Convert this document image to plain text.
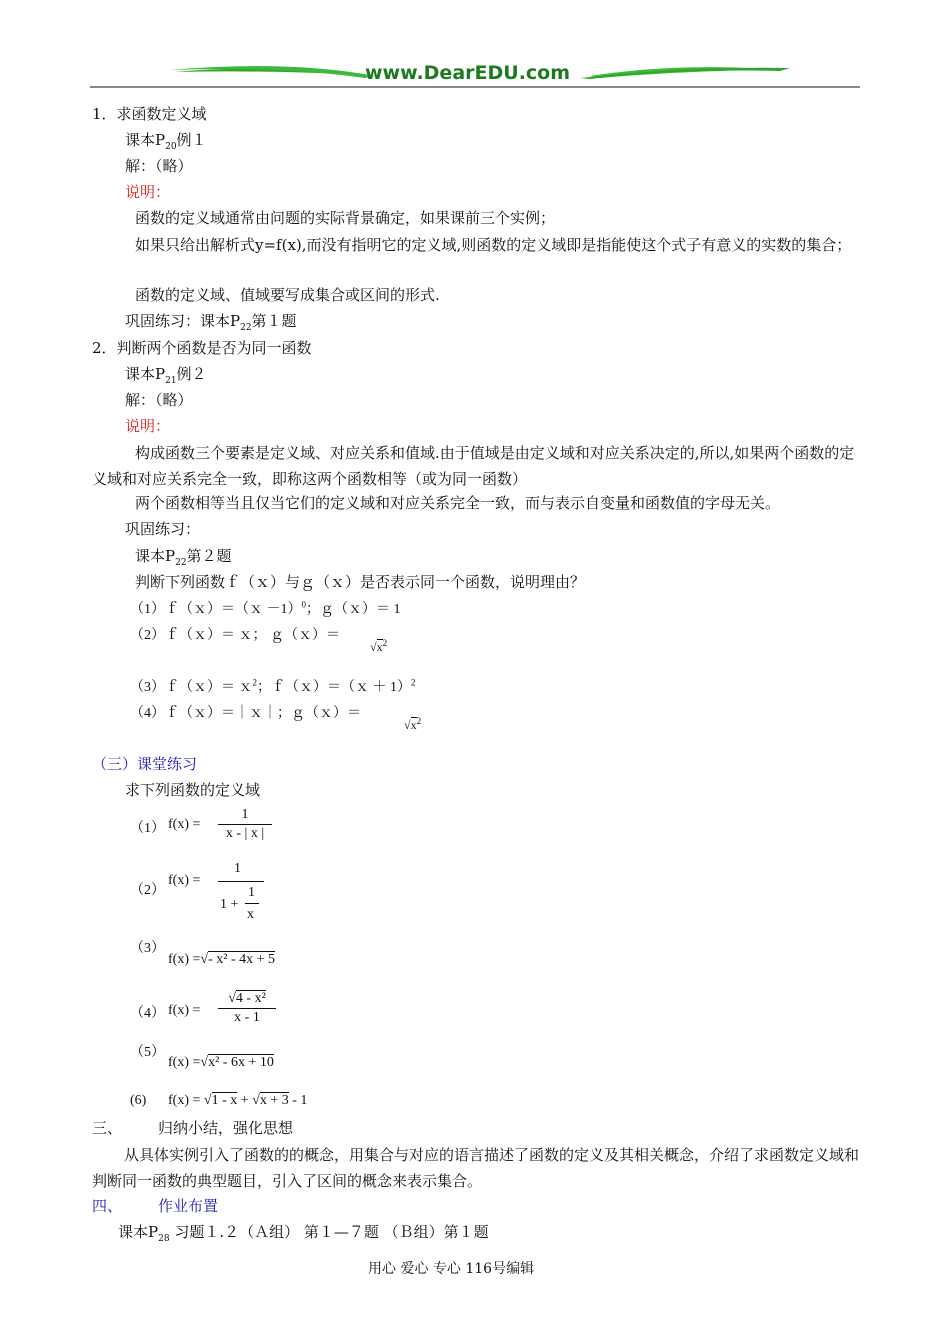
www.DearEDU.com
1．求函数定义域
课本$P_{20}$例１
解：（略）
说明：
函数的定义域通常由问题的实际背景确定，如果课前三个实例；
如果只给出解析式y=f(x),而没有指明它的定义域,则函数的定义域即是指能使这个式子有意义的实数的集合；
函数的定义域、值域要写成集合或区间的形式.
巩固练习：课本$P_{22}$第１题
2．判断两个函数是否为同一函数
课本$P_{21}$例２
解：（略）
说明：
构成函数三个要素是定义域、对应关系和值域.由于值域是由定义域和对应关系决定的,所以,如果两个函数的定义域和对应关系完全一致，即称这两个函数相等（或为同一函数）
两个函数相等当且仅当它们的定义域和对应关系完全一致，而与表示自变量和函数值的字母无关。
巩固练习：
课本$P_{22}$第２题
判断下列函数ｆ（ｘ）与ｇ（ｘ）是否表示同一个函数，说明理由？
（1）ｆ（ｘ）＝（ｘ －1）$^0$；ｇ（ｘ）＝ 1
（2）ｆ（ｘ）＝ ｘ； ｇ（ｘ）＝
$√x^2$
（3）ｆ（ｘ）＝ ｘ$^2$；ｆ（ｘ）＝（ｘ ＋ 1）$^2$
（4）ｆ（ｘ）＝｜ｘ｜；ｇ（ｘ）＝
$√x^2$
（三）课堂练习
求下列函数的定义域
（1） f(x) =
1
x - | x |
（2）
f(x) =
1
1 +
1
x
（3）
f(x) =√- x² - 4x + 5
（4） f(x) =
√4 - x²
x - 1
（5）
f(x) =√x² - 6x + 10
(6) f(x) = √1 - x + √x + 3 - 1
三、 归纳小结，强化思想
从具体实例引入了函数的的概念，用集合与对应的语言描述了函数的定义及其相关概念，介绍了求函数定义域和判断同一函数的典型题目，引入了区间的概念来表示集合。
四、 作业布置
课本$P_{28}$ 习题１.２（Ａ组） 第１—７题 （Ｂ组）第１题
用心 爱心 专心 116号编辑
